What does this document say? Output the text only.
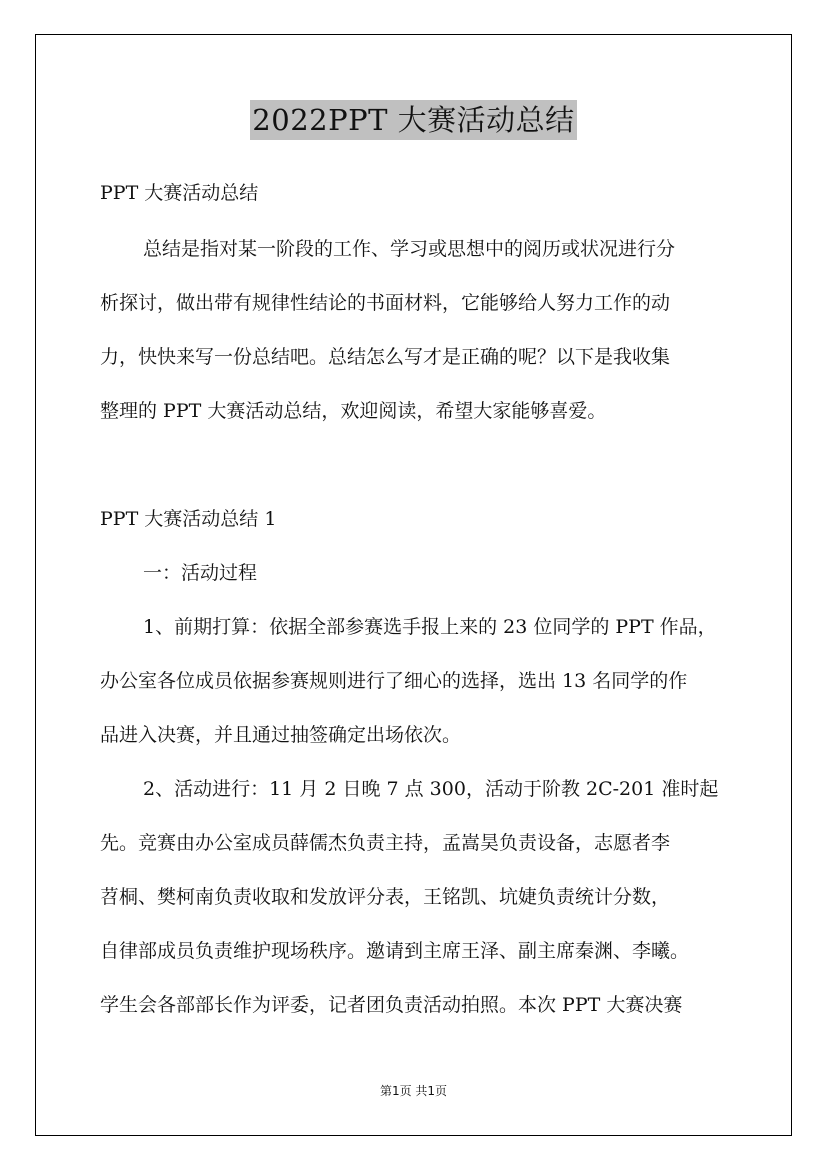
2022PPT 大赛活动总结
PPT 大赛活动总结
总结是指对某一阶段的工作、学习或思想中的阅历或状况进行分
析探讨，做出带有规律性结论的书面材料，它能够给人努力工作的动
力，快快来写一份总结吧。总结怎么写才是正确的呢？以下是我收集
整理的 PPT 大赛活动总结，欢迎阅读，希望大家能够喜爱。
PPT 大赛活动总结 1
一：活动过程
1、前期打算：依据全部参赛选手报上来的 23 位同学的 PPT 作品，
办公室各位成员依据参赛规则进行了细心的选择，选出 13 名同学的作
品进入决赛，并且通过抽签确定出场依次。
2、活动进行：11 月 2 日晚 7 点 300，活动于阶教 2C-201 准时起
先。竞赛由办公室成员薛儒杰负责主持，孟嵩昊负责设备，志愿者李
苕桐、樊柯南负责收取和发放评分表，王铭凯、坑婕负责统计分数，
自律部成员负责维护现场秩序。邀请到主席王泽、副主席秦渊、李曦。
学生会各部部长作为评委，记者团负责活动拍照。本次 PPT 大赛决赛
第1页 共1页
